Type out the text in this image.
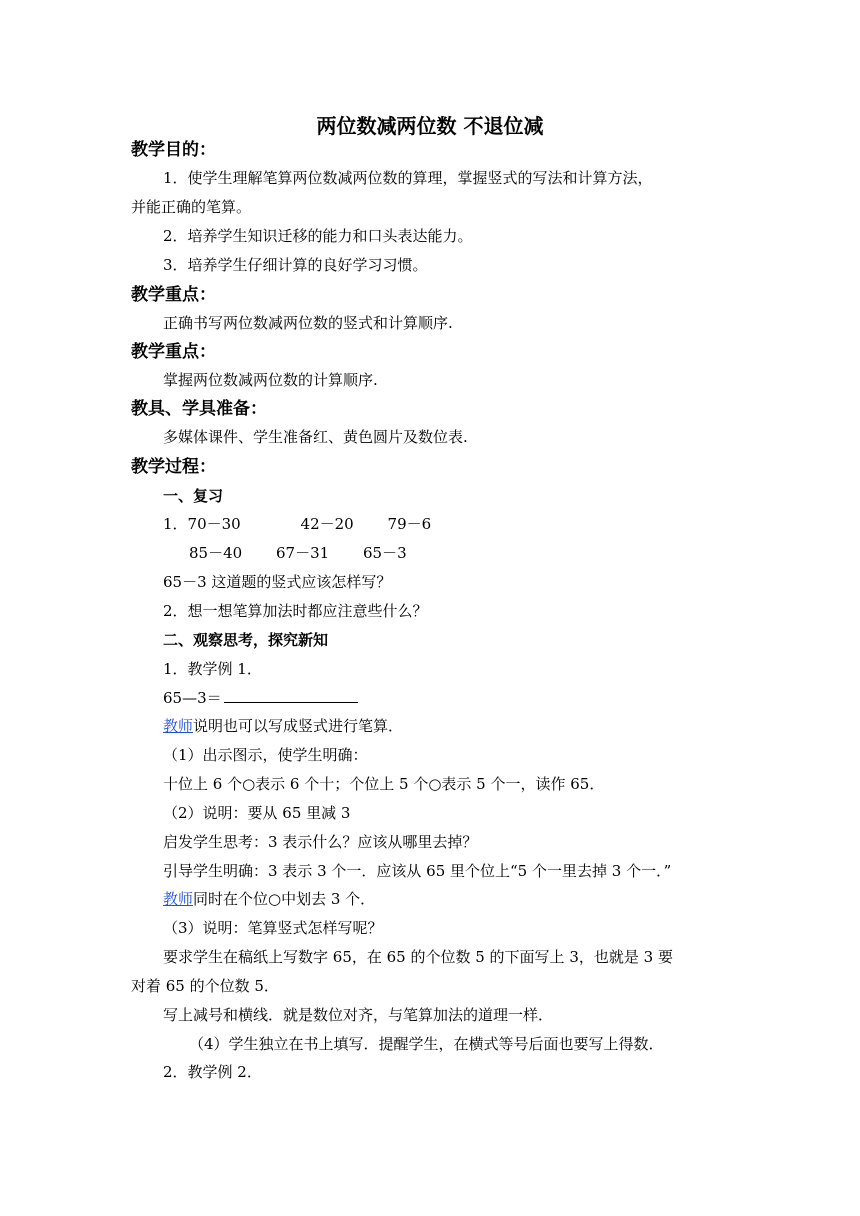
两位数减两位数 不退位减
教学目的：
1．使学生理解笔算两位数减两位数的算理，掌握竖式的写法和计算方法，
并能正确的笔算。
2．培养学生知识迁移的能力和口头表达能力。
3．培养学生仔细计算的良好学习习惯。
教学重点：
正确书写两位数减两位数的竖式和计算顺序.
教学重点：
掌握两位数减两位数的计算顺序.
教具、学具准备：
多媒体课件、学生准备红、黄色圆片及数位表.
教学过程：
一、复习
1．70－30	42－20 79－6
85－40 67－31 65－3
65－3 这道题的竖式应该怎样写？
2．想一想笔算加法时都应注意些什么？
二、观察思考，探究新知
1．教学例 1．
65—3＝
教师说明也可以写成竖式进行笔算．
（1）出示图示，使学生明确：
十位上 6 个○表示 6 个十；个位上 5 个○表示 5 个一，读作 65．
（2）说明：要从 65 里减 3
启发学生思考：3 表示什么？应该从哪里去掉？
引导学生明确：3 表示 3 个一．应该从 65 里个位上“5 个一里去掉 3 个一．”
教师同时在个位○中划去 3 个．
（3）说明：笔算竖式怎样写呢？
要求学生在稿纸上写数字 65，在 65 的个位数 5 的下面写上 3，也就是 3 要
对着 65 的个位数 5．
写上减号和横线．就是数位对齐，与笔算加法的道理一样．
（4）学生独立在书上填写．提醒学生，在横式等号后面也要写上得数．
2．教学例 2．
